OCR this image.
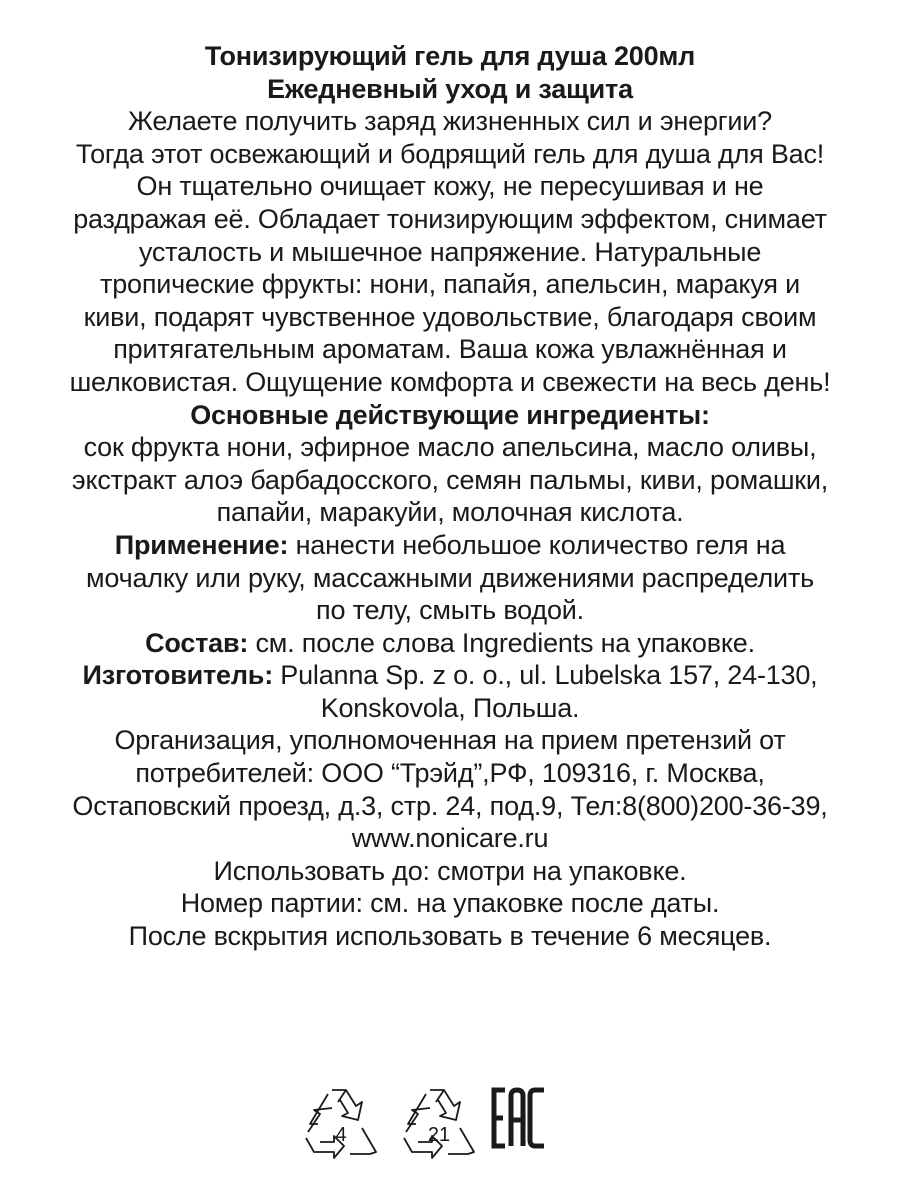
Тонизирующий гель для душа 200мл
Ежедневный уход и защита
Желаете получить заряд жизненных сил и энергии?
Тогда этот освежающий и бодрящий гель для душа для Вас!
Он тщательно очищает кожу, не пересушивая и не
раздражая её. Обладает тонизирующим эффектом, снимает
усталость и мышечное напряжение. Натуральные
тропические фрукты: нони, папайя, апельсин, маракуя и
киви, подарят чувственное удовольствие, благодаря своим
притягательным ароматам. Ваша кожа увлажнённая и
шелковистая. Ощущение комфорта и свежести на весь день!
Основные действующие ингредиенты:
сок фрукта нони, эфирное масло апельсина, масло оливы,
экстракт алоэ барбадосского, семян пальмы, киви, ромашки,
папайи, маракуйи, молочная кислота.
Применение: нанести небольшое количество геля на
мочалку или руку, массажными движениями распределить
по телу, смыть водой.
Состав: см. после слова Ingredients на упаковке.
Изготовитель: Pulanna Sp. z o. o., ul. Lubelska 157, 24-130,
Konskovola, Польша.
Организация, уполномоченная на прием претензий от
потребителей: ООО “Трэйд”,РФ, 109316, г. Москва,
Остаповский проезд, д.3, стр. 24, под.9, Тел:8(800)200-36-39,
www.nonicare.ru
Использовать до: смотри на упаковке.
Номер партии: см. на упаковке после даты.
После вскрытия использовать в течение 6 месяцев.
4	21
